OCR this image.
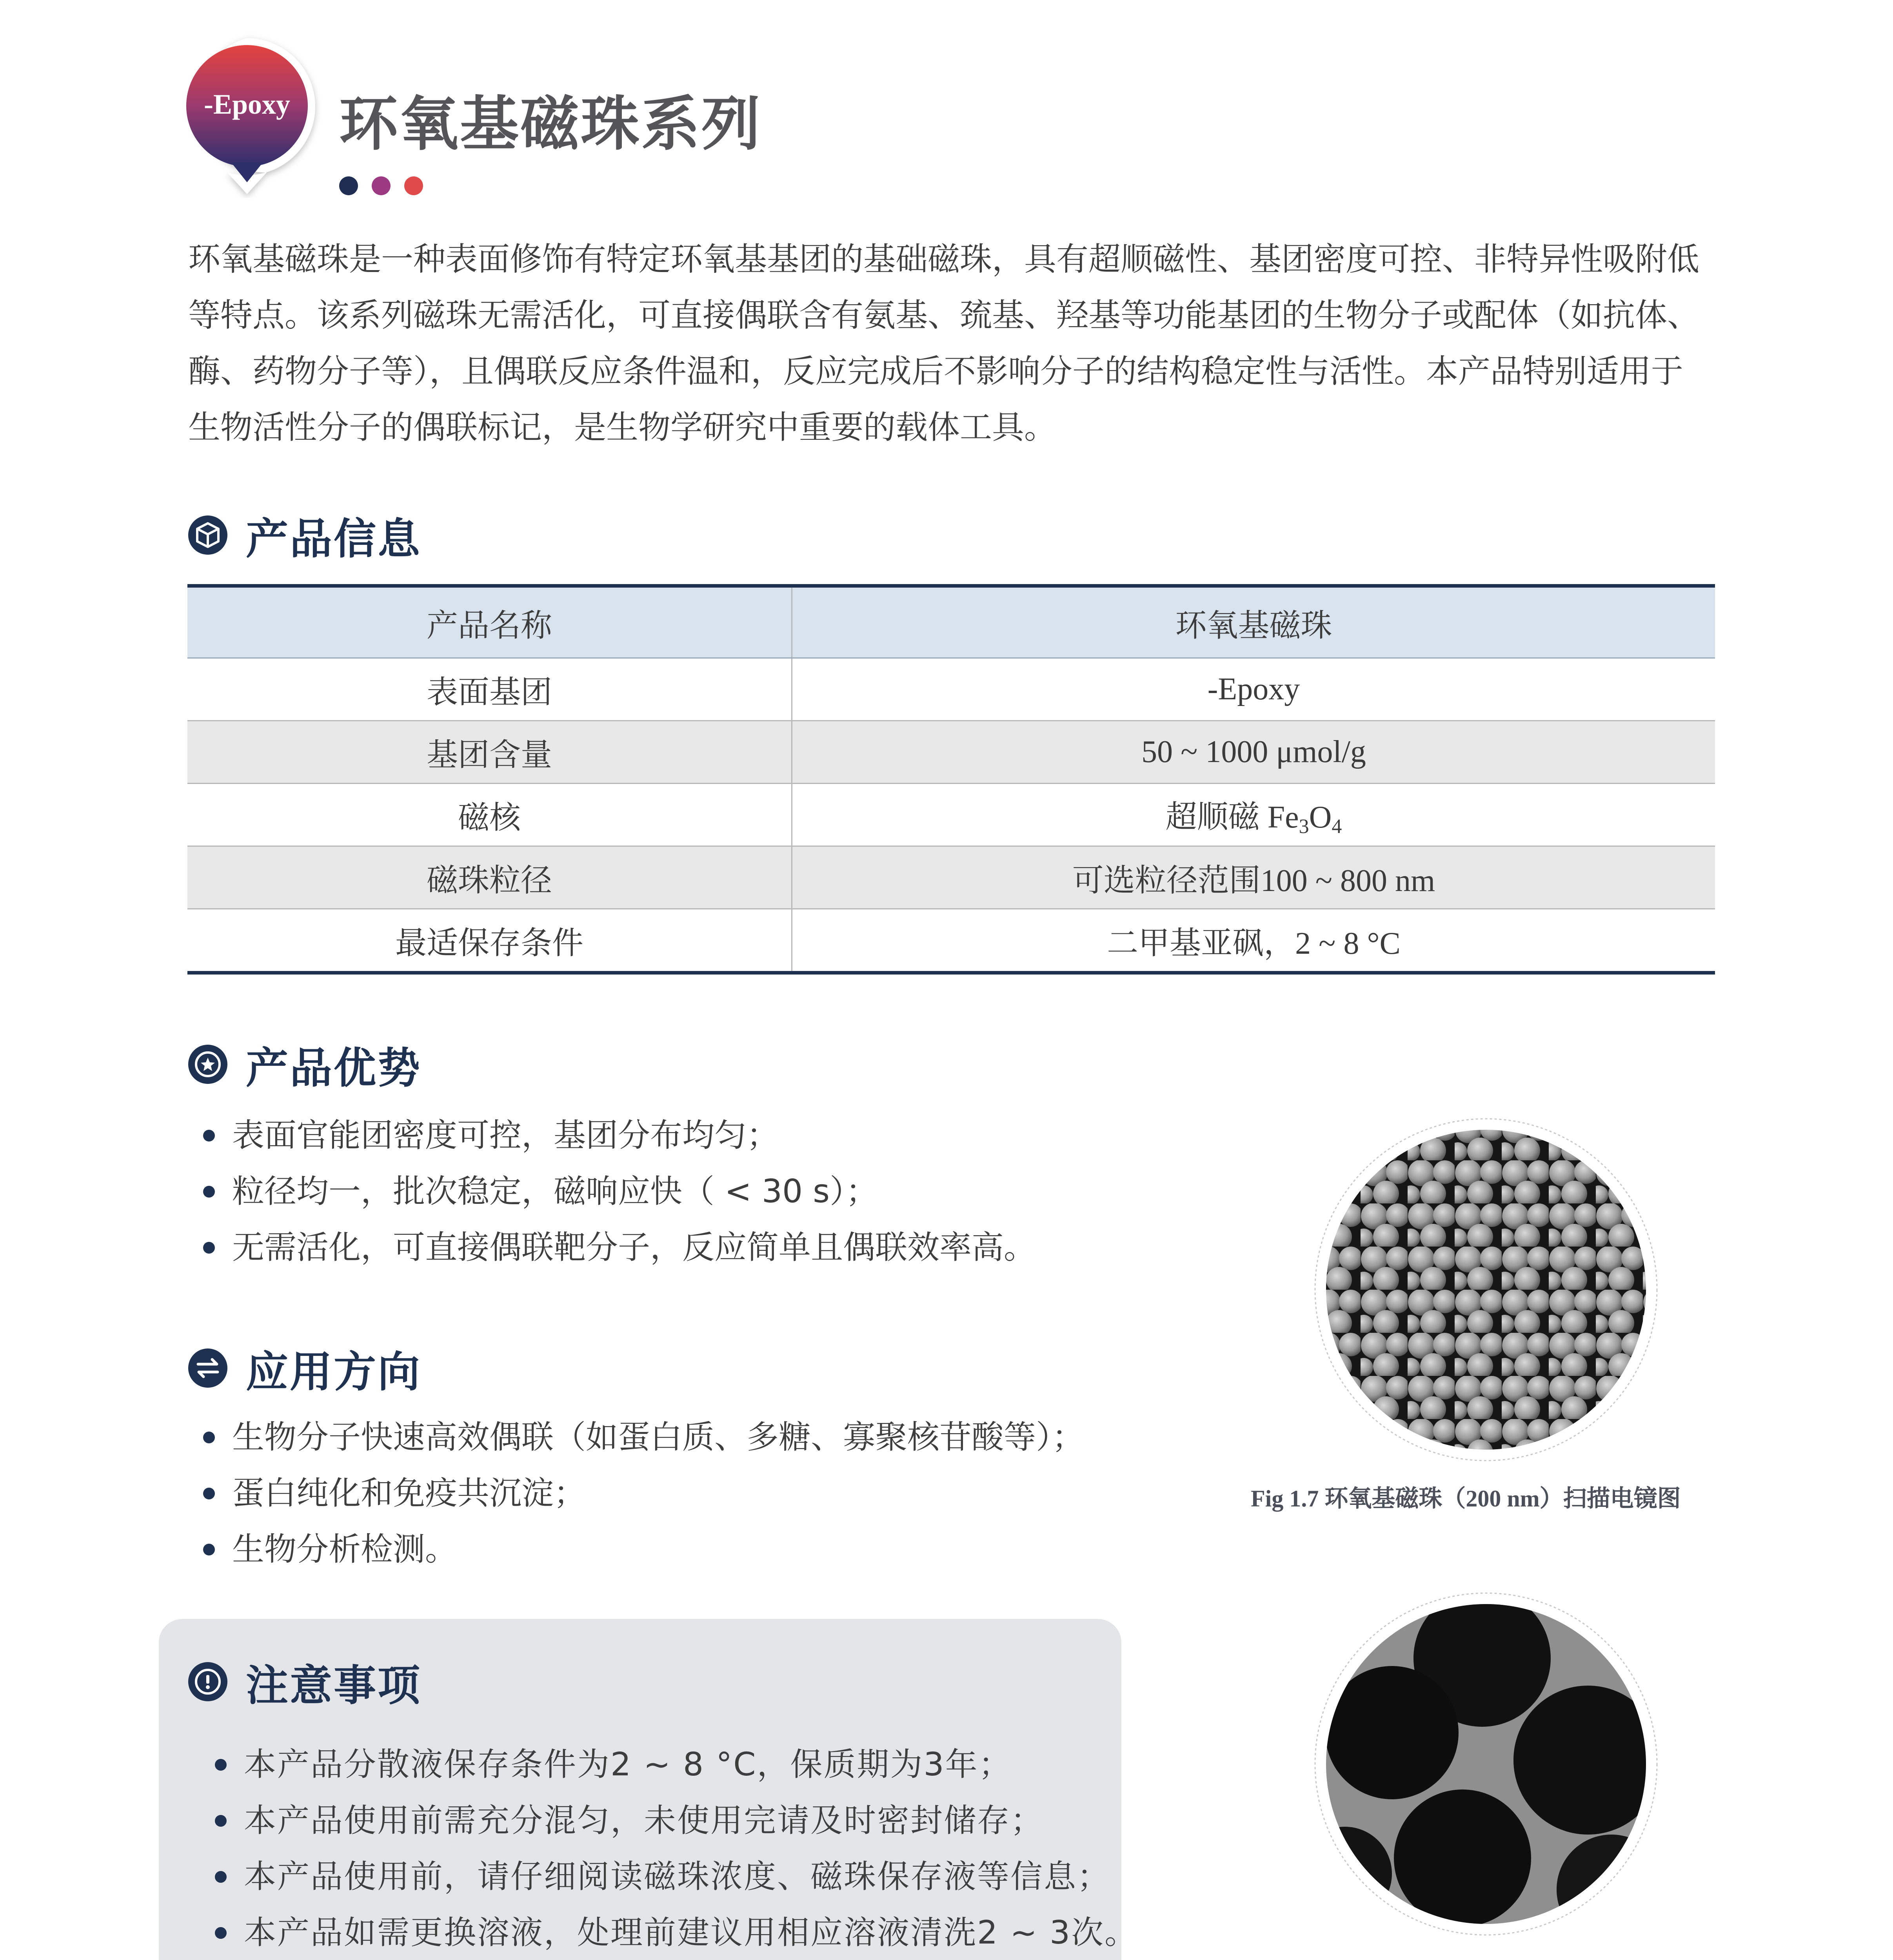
-Epoxy 环氧基磁珠系列

环氧基磁珠是一种表面修饰有特定环氧基基团的基础磁珠，具有超顺磁性、基团密度可控、非特异性吸附低

等特点。该系列磁珠无需活化，可直接偶联含有氨基、巯基、羟基等功能基团的生物分子或配体（如抗体、

酶、药物分子等），且偶联反应条件温和，反应完成后不影响分子的结构稳定性与活性。本产品特别适用于

生物活性分子的偶联标记，是生物学研究中重要的载体工具。

产品信息
产品名称	环氧基磁珠
表面基团	-Epoxy
基团含量	50 ~ 1000 μmol/g
磁核	超顺磁 $Fe_3O_4$
磁珠粒径	可选粒径范围100 ~ 800 nm
最适保存条件	二甲基亚砜，2 ~ 8 °C
产品优势
表面官能团密度可控，基团分布均匀；
粒径均一，批次稳定，磁响应快（ < 30 s）；
无需活化，可直接偶联靶分子，反应简单且偶联效率高。
应用方向
生物分子快速高效偶联（如蛋白质、多糖、寡聚核苷酸等）；
蛋白纯化和免疫共沉淀；
生物分析检测。
注意事项
本产品分散液保存条件为2 ~ 8 °C，保质期为3年；
本产品使用前需充分混匀，未使用完请及时密封储存；
本产品使用前，请仔细阅读磁珠浓度、磁珠保存液等信息；
本产品如需更换溶液，处理前建议用相应溶液清洗2 ~ 3次。
Fig 1.7 环氧基磁珠（200 nm）扫描电镜图
